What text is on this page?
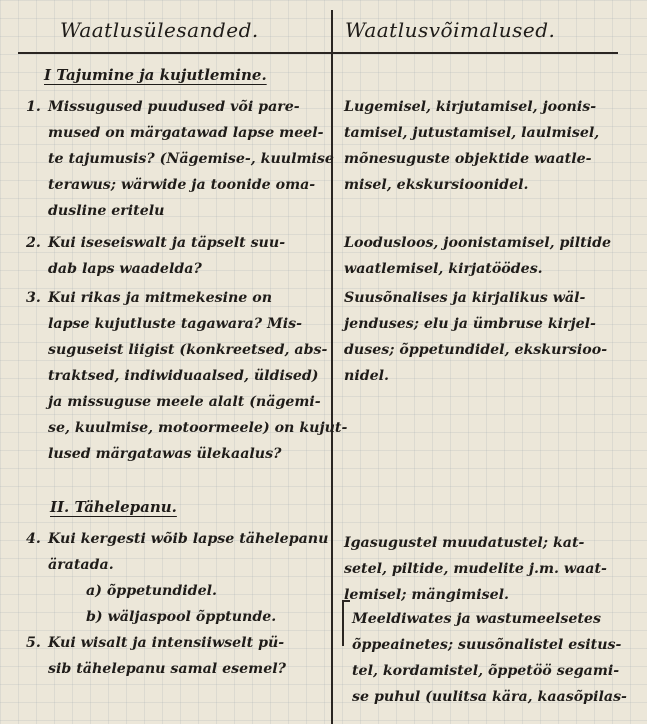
Waatlusülesanded.	Waatlusvõimalused.
I Tajumine ja kujutlemine.
1. Missugused puudused või pare-
mused on märgatawad lapse meel-
te tajumusis? (Nägemise-, kuulmise
terawus; wärwide ja toonide oma-
dusline eritelu
Lugemisel, kirjutamisel, joonis-
tamisel, jutustamisel, laulmisel,
mõnesuguste objektide waatle-
misel, ekskursioonidel.
2. Kui iseseiswalt ja täpselt suu-
dab laps waadelda?
Loodusloos, joonistamisel, piltide
waatlemisel, kirjatöödes.
3. Kui rikas ja mitmekesine on
lapse kujutluste tagawara? Mis-
suguseist liigist (konkreetsed, abs-
traktsed, indiwiduaalsed, üldised)
ja missuguse meele alalt (nägemi-
se, kuulmise, motoormeele) on kujut-
lused märgatawas ülekaalus?
Suusõnalises ja kirjalikus wäl-
jenduses; elu ja ümbruse kirjel-
duses; õppetundidel, ekskursioo-
nidel.
II. Tähelepanu.
4. Kui kergesti wõib lapse tähelepanu
äratada.
a) õppetundidel.
b) wäljaspool õpptunde.
Igasugustel muudatustel; kat-
setel, piltide, mudelite j.m. waat-
lemisel; mängimisel.
5. Kui wisalt ja intensiiwselt pü-
sib tähelepanu samal esemel?
Meeldiwates ja wastumeelsetes
õppeainetes; suusõnalistel esitus-
tel, kordamistel, õppetöö segami-
se puhul (uulitsa kära, kaasõpilas-
